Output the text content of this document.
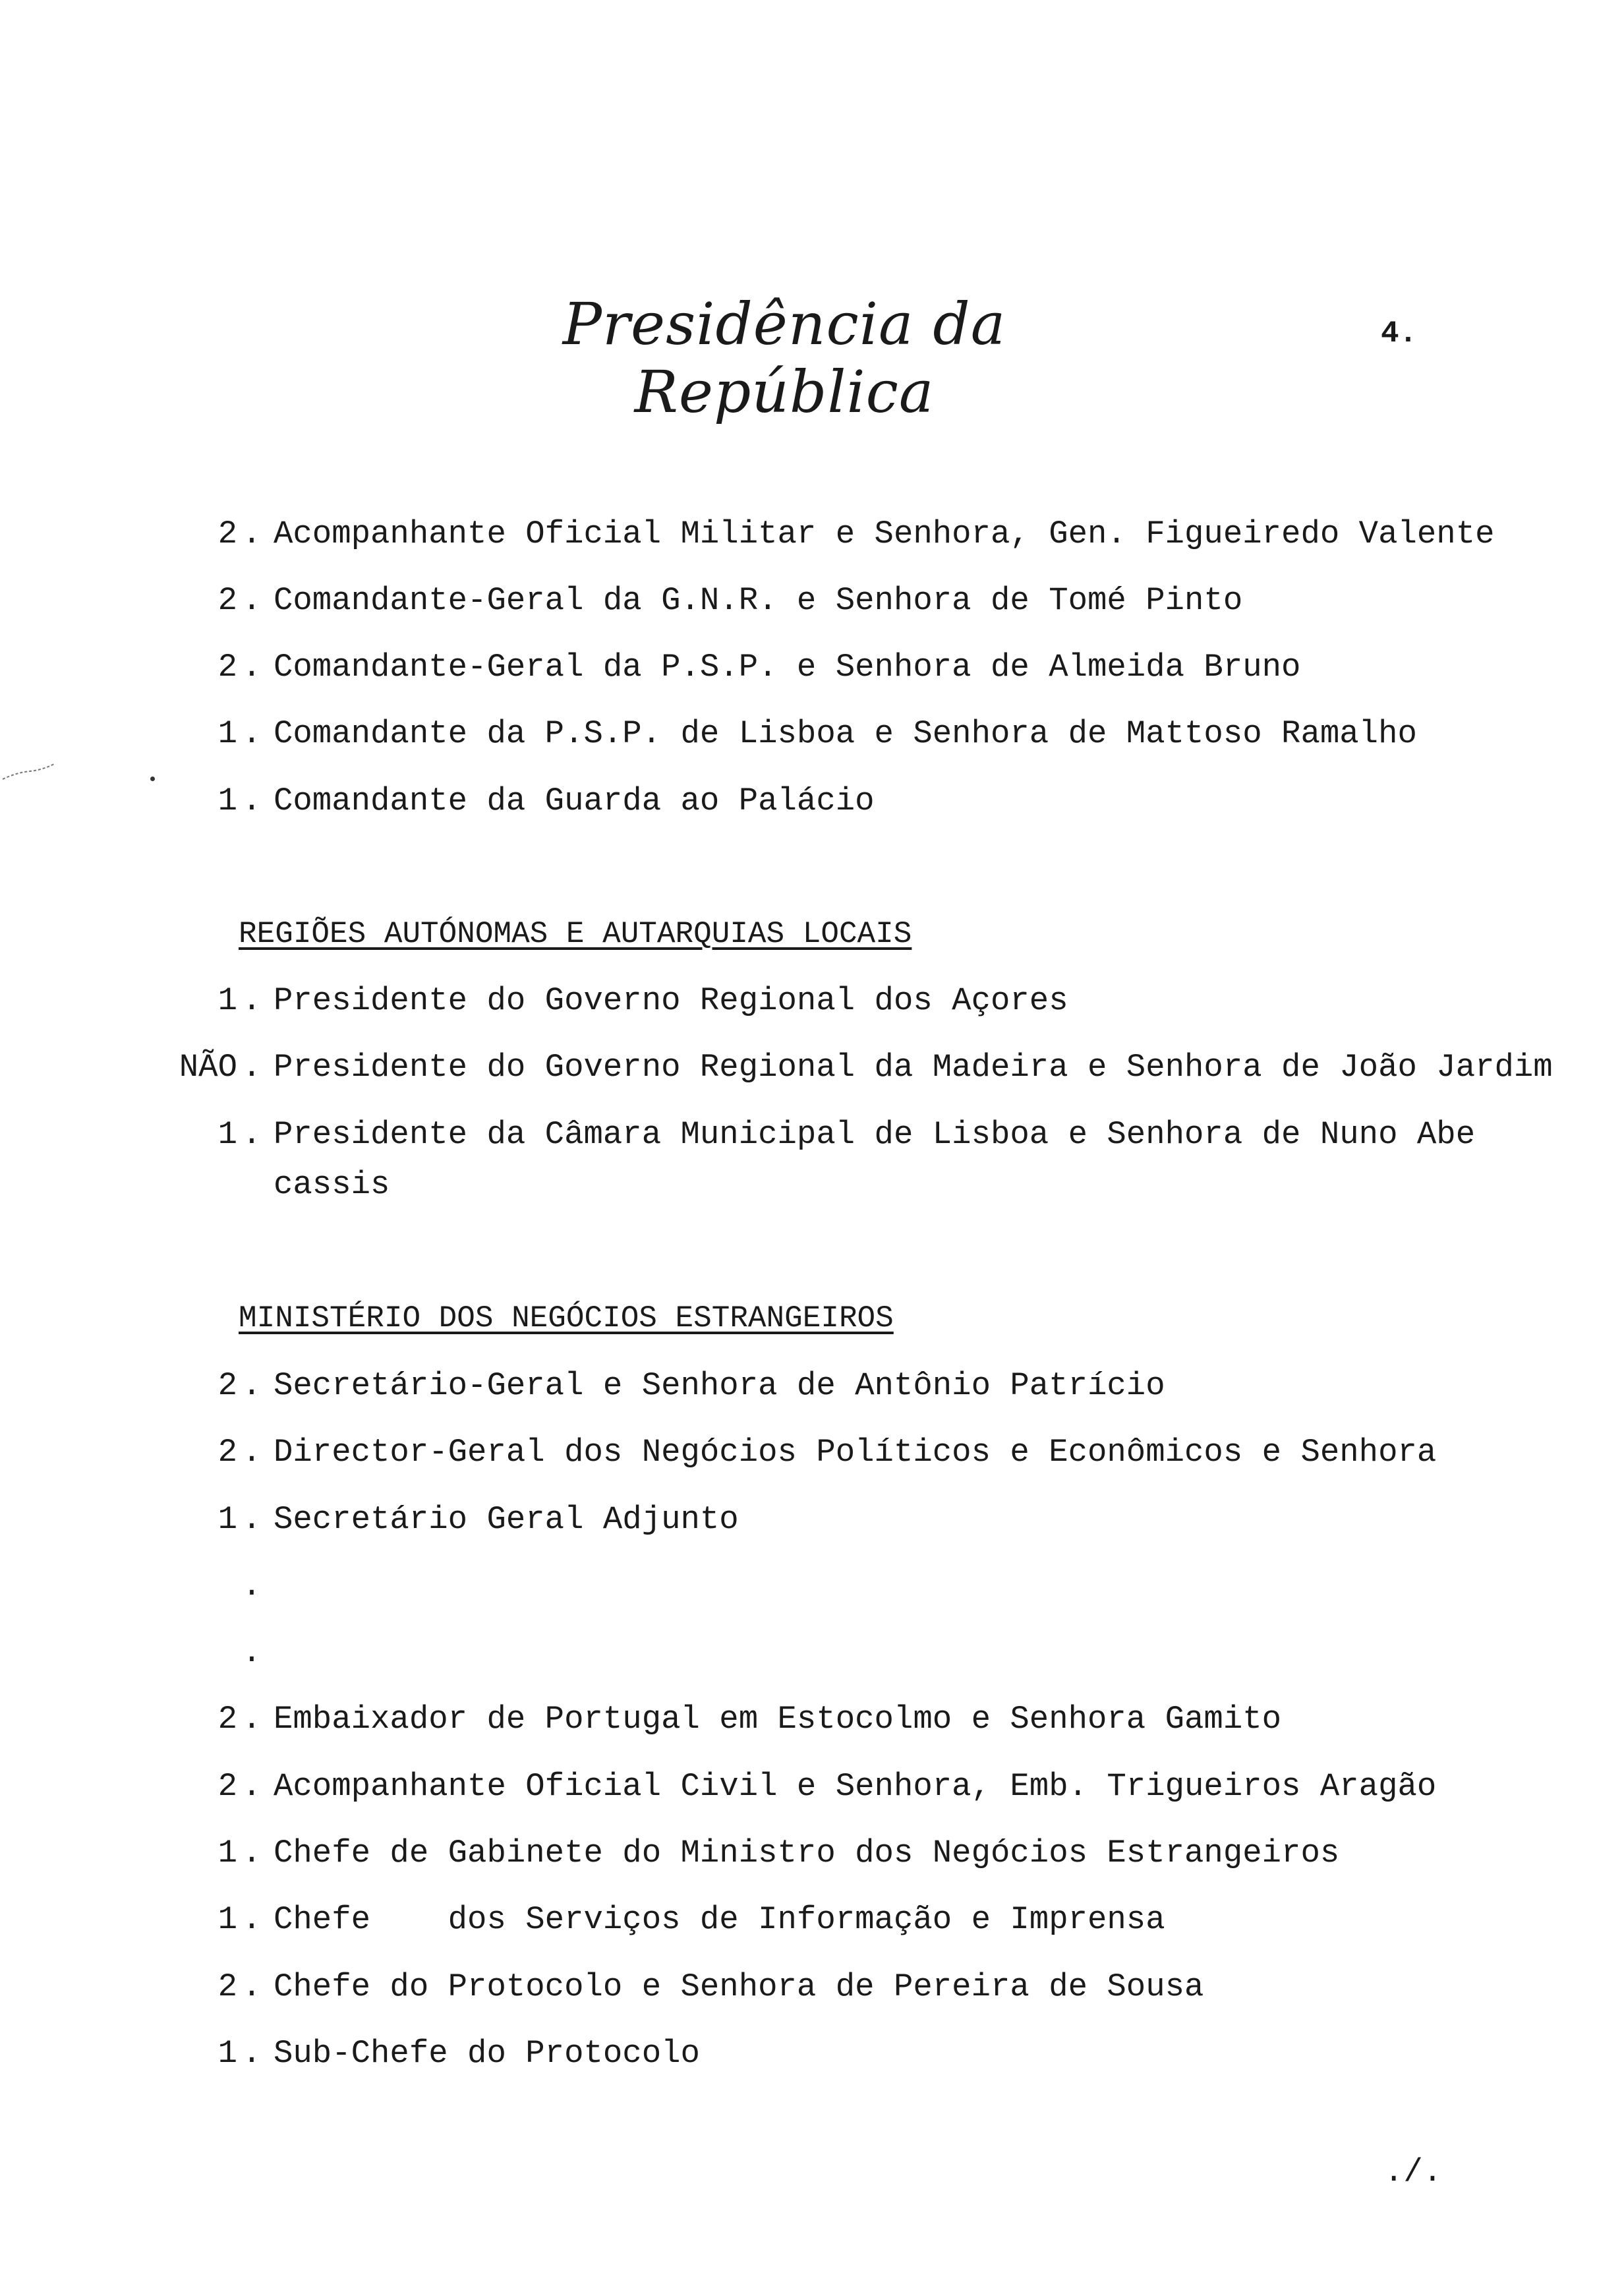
Presidência da República
4.
2 . Acompanhante Oficial Militar e Senhora, Gen. Figueiredo Valente
2 . Comandante-Geral da G.N.R. e Senhora de Tomé Pinto
2 . Comandante-Geral da P.S.P. e Senhora de Almeida Bruno
1 . Comandante da P.S.P. de Lisboa e Senhora de Mattoso Ramalho
1 . Comandante da Guarda ao Palácio
REGIÕES AUTÓNOMAS E AUTARQUIAS LOCAIS
1 . Presidente do Governo Regional dos Açores
NÃO . Presidente do Governo Regional da Madeira e Senhora de João Jardim
1 . Presidente da Câmara Municipal de Lisboa e Senhora de Nuno Abe
cassis
MINISTÉRIO DOS NEGÓCIOS ESTRANGEIROS
2 . Secretário-Geral e Senhora de Antônio Patrício
2 . Director-Geral dos Negócios Políticos e Econômicos e Senhora
1 . Secretário Geral Adjunto
.
.
2 . Embaixador de Portugal em Estocolmo e Senhora Gamito
2 . Acompanhante Oficial Civil e Senhora, Emb. Trigueiros Aragão
1 . Chefe de Gabinete do Ministro dos Negócios Estrangeiros
1 . Chefe    dos Serviços de Informação e Imprensa
2 . Chefe do Protocolo e Senhora de Pereira de Sousa
1 . Sub-Chefe do Protocolo
./.
